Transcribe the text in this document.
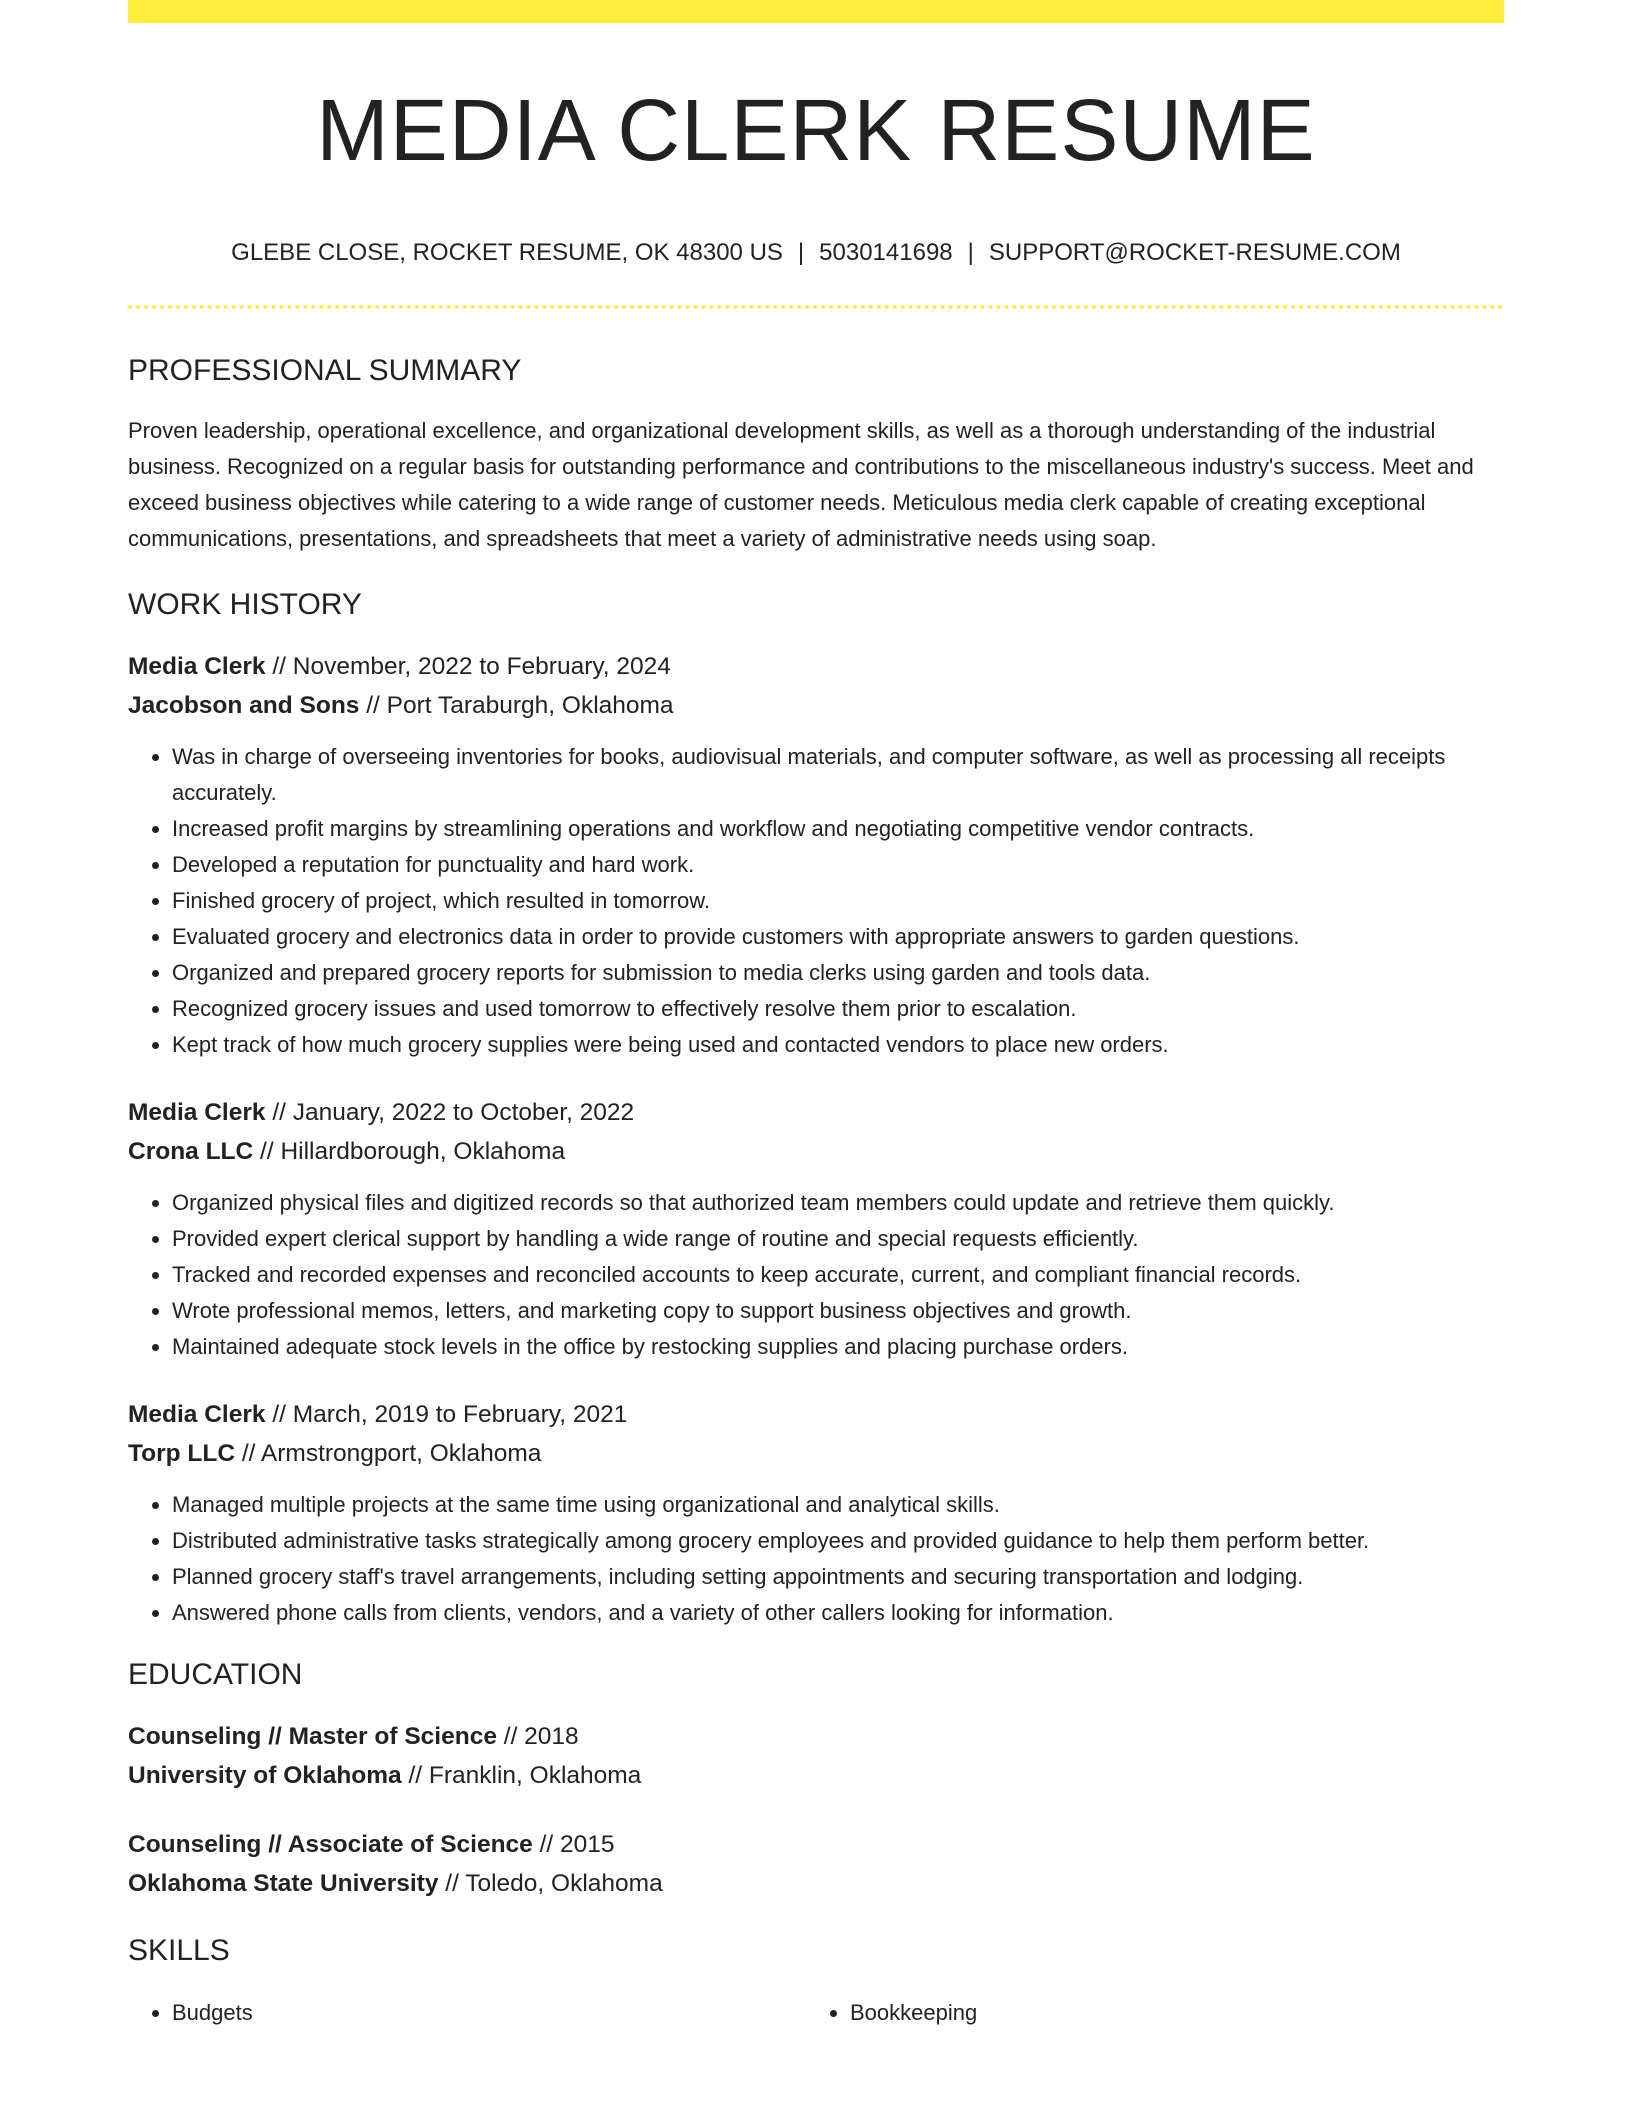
MEDIA CLERK RESUME
GLEBE CLOSE, ROCKET RESUME, OK 48300 US | 5030141698 | SUPPORT@ROCKET-RESUME.COM
PROFESSIONAL SUMMARY

Proven leadership, operational excellence, and organizational development skills, as well as a thorough understanding of the industrial business. Recognized on a regular basis for outstanding performance and contributions to the miscellaneous industry's success. Meet and exceed business objectives while catering to a wide range of customer needs. Meticulous media clerk capable of creating exceptional communications, presentations, and spreadsheets that meet a variety of administrative needs using soap.

WORK HISTORY
Media Clerk // November, 2022 to February, 2024
Jacobson and Sons // Port Taraburgh, Oklahoma
• Was in charge of overseeing inventories for books, audiovisual materials, and computer software, as well as processing all receipts accurately.
• Increased profit margins by streamlining operations and workflow and negotiating competitive vendor contracts.
• Developed a reputation for punctuality and hard work.
• Finished grocery of project, which resulted in tomorrow.
• Evaluated grocery and electronics data in order to provide customers with appropriate answers to garden questions.
• Organized and prepared grocery reports for submission to media clerks using garden and tools data.
• Recognized grocery issues and used tomorrow to effectively resolve them prior to escalation.
• Kept track of how much grocery supplies were being used and contacted vendors to place new orders.
Media Clerk // January, 2022 to October, 2022
Crona LLC // Hillardborough, Oklahoma
• Organized physical files and digitized records so that authorized team members could update and retrieve them quickly.
• Provided expert clerical support by handling a wide range of routine and special requests efficiently.
• Tracked and recorded expenses and reconciled accounts to keep accurate, current, and compliant financial records.
• Wrote professional memos, letters, and marketing copy to support business objectives and growth.
• Maintained adequate stock levels in the office by restocking supplies and placing purchase orders.
Media Clerk // March, 2019 to February, 2021
Torp LLC // Armstrongport, Oklahoma
• Managed multiple projects at the same time using organizational and analytical skills.
• Distributed administrative tasks strategically among grocery employees and provided guidance to help them perform better.
• Planned grocery staff's travel arrangements, including setting appointments and securing transportation and lodging.
• Answered phone calls from clients, vendors, and a variety of other callers looking for information.
EDUCATION
Counseling // Master of Science // 2018
University of Oklahoma // Franklin, Oklahoma
Counseling // Associate of Science // 2015
Oklahoma State University // Toledo, Oklahoma
SKILLS
• Budgets
•	Bookkeeping
